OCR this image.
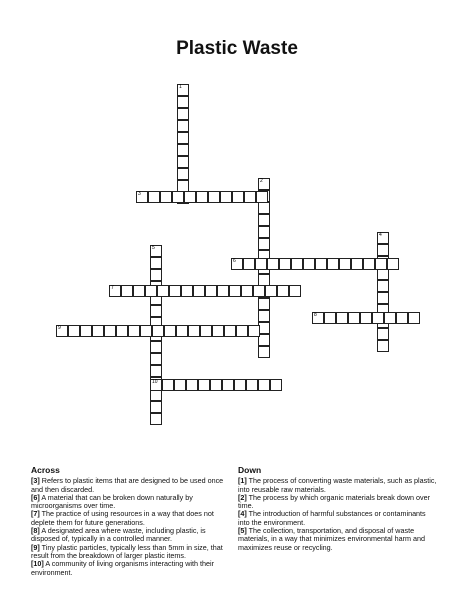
Plastic Waste
1
2
3
4
5
6
7
8
9
10
Across

[3] Refers to plastic items that are designed to be used once and then discarded.

[6] A material that can be broken down naturally by microorganisms over time.

[7] The practice of using resources in a way that does not deplete them for future generations.

[8] A designated area where waste, including plastic, is disposed of, typically in a controlled manner.

[9] Tiny plastic particles, typically less than 5mm in size, that result from the breakdown of larger plastic items.

[10] A community of living organisms interacting with their environment.

Down

[1] The process of converting waste materials, such as plastic, into reusable raw materials.

[2] The process by which organic materials break down over time.

[4] The introduction of harmful substances or contaminants into the environment.

[5] The collection, transportation, and disposal of waste materials, in a way that minimizes environmental harm and maximizes reuse or recycling.
